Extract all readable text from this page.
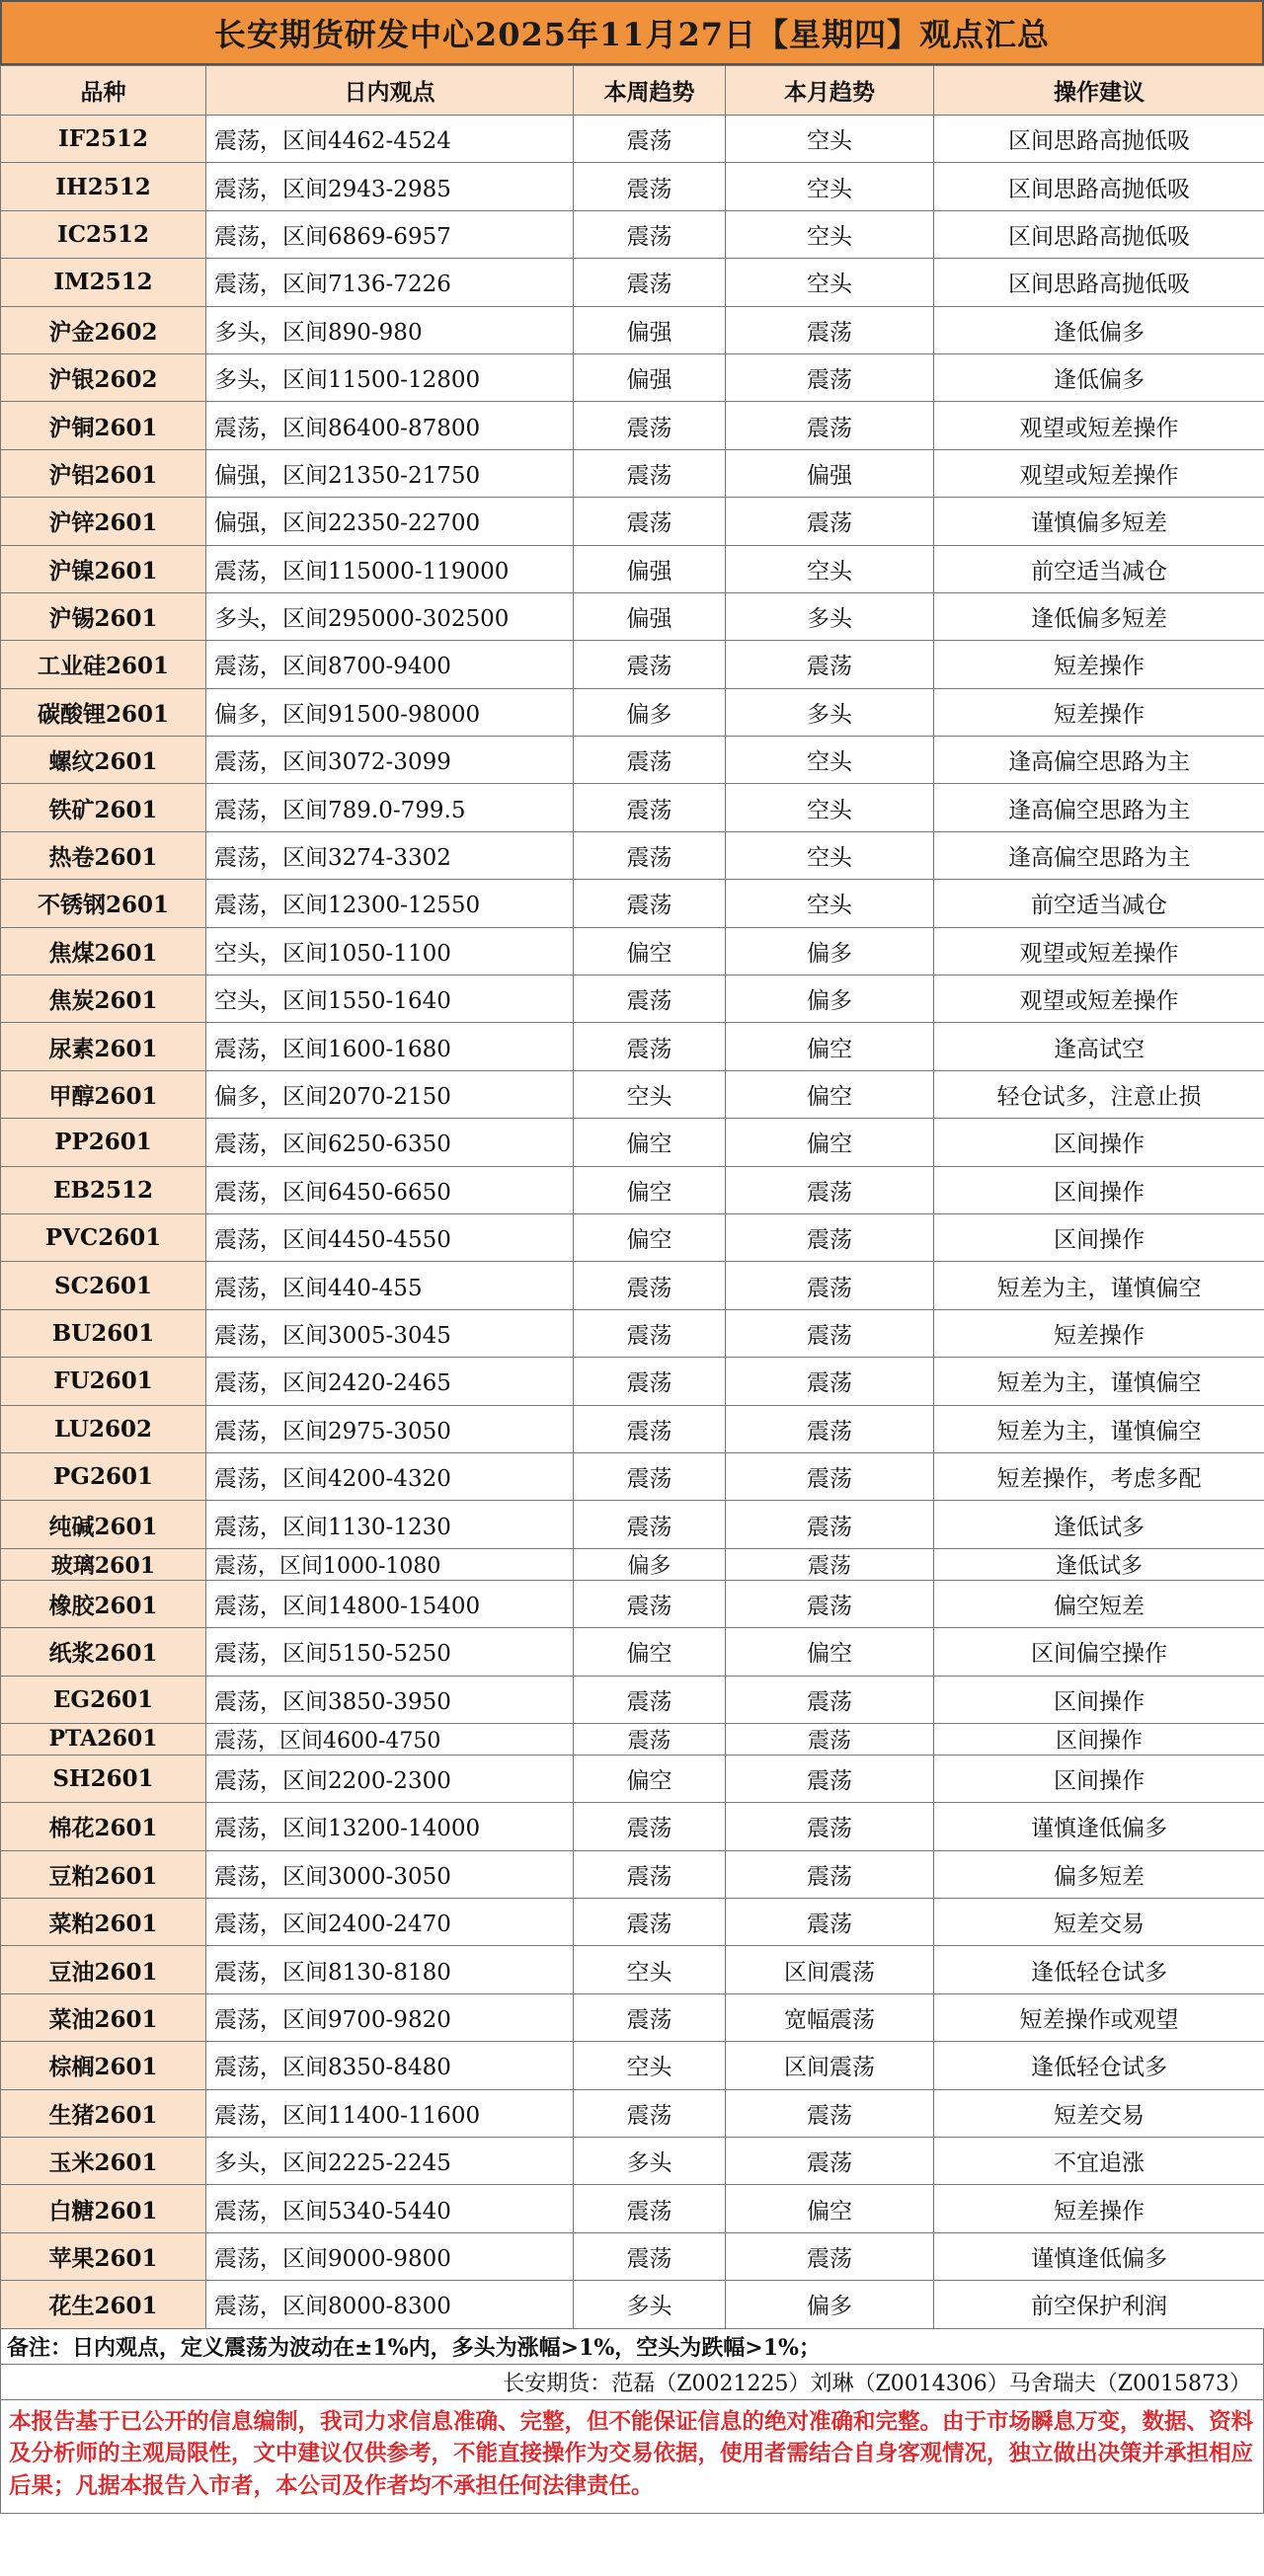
长安期货研发中心2025年11月27日【星期四】观点汇总
品种	日内观点	本周趋势	本月趋势	操作建议
IF2512	震荡，区间4462-4524	震荡	空头	区间思路高抛低吸
IH2512	震荡，区间2943-2985	震荡	空头	区间思路高抛低吸
IC2512	震荡，区间6869-6957	震荡	空头	区间思路高抛低吸
IM2512	震荡，区间7136-7226	震荡	空头	区间思路高抛低吸
沪金2602	多头，区间890-980	偏强	震荡	逢低偏多
沪银2602	多头，区间11500-12800	偏强	震荡	逢低偏多
沪铜2601	震荡，区间86400-87800	震荡	震荡	观望或短差操作
沪铝2601	偏强，区间21350-21750	震荡	偏强	观望或短差操作
沪锌2601	偏强，区间22350-22700	震荡	震荡	谨慎偏多短差
沪镍2601	震荡，区间115000-119000	偏强	空头	前空适当减仓
沪锡2601	多头，区间295000-302500	偏强	多头	逢低偏多短差
工业硅2601	震荡，区间8700-9400	震荡	震荡	短差操作
碳酸锂2601	偏多，区间91500-98000	偏多	多头	短差操作
螺纹2601	震荡，区间3072-3099	震荡	空头	逢高偏空思路为主
铁矿2601	震荡，区间789.0-799.5	震荡	空头	逢高偏空思路为主
热卷2601	震荡，区间3274-3302	震荡	空头	逢高偏空思路为主
不锈钢2601	震荡，区间12300-12550	震荡	空头	前空适当减仓
焦煤2601	空头，区间1050-1100	偏空	偏多	观望或短差操作
焦炭2601	空头，区间1550-1640	震荡	偏多	观望或短差操作
尿素2601	震荡，区间1600-1680	震荡	偏空	逢高试空
甲醇2601	偏多，区间2070-2150	空头	偏空	轻仓试多，注意止损
PP2601	震荡，区间6250-6350	偏空	偏空	区间操作
EB2512	震荡，区间6450-6650	偏空	震荡	区间操作
PVC2601	震荡，区间4450-4550	偏空	震荡	区间操作
SC2601	震荡，区间440-455	震荡	震荡	短差为主，谨慎偏空
BU2601	震荡，区间3005-3045	震荡	震荡	短差操作
FU2601	震荡，区间2420-2465	震荡	震荡	短差为主，谨慎偏空
LU2602	震荡，区间2975-3050	震荡	震荡	短差为主，谨慎偏空
PG2601	震荡，区间4200-4320	震荡	震荡	短差操作，考虑多配
纯碱2601	震荡，区间1130-1230	震荡	震荡	逢低试多
玻璃2601	震荡，区间1000-1080	偏多	震荡	逢低试多
橡胶2601	震荡，区间14800-15400	震荡	震荡	偏空短差
纸浆2601	震荡，区间5150-5250	偏空	偏空	区间偏空操作
EG2601	震荡，区间3850-3950	震荡	震荡	区间操作
PTA2601	震荡，区间4600-4750	震荡	震荡	区间操作
SH2601	震荡，区间2200-2300	偏空	震荡	区间操作
棉花2601	震荡，区间13200-14000	震荡	震荡	谨慎逢低偏多
豆粕2601	震荡，区间3000-3050	震荡	震荡	偏多短差
菜粕2601	震荡，区间2400-2470	震荡	震荡	短差交易
豆油2601	震荡，区间8130-8180	空头	区间震荡	逢低轻仓试多
菜油2601	震荡，区间9700-9820	震荡	宽幅震荡	短差操作或观望
棕榈2601	震荡，区间8350-8480	空头	区间震荡	逢低轻仓试多
生猪2601	震荡，区间11400-11600	震荡	震荡	短差交易
玉米2601	多头，区间2225-2245	多头	震荡	不宜追涨
白糖2601	震荡，区间5340-5440	震荡	偏空	短差操作
苹果2601	震荡，区间9000-9800	震荡	震荡	谨慎逢低偏多
花生2601	震荡，区间8000-8300	多头	偏多	前空保护利润
备注：日内观点，定义震荡为波动在±1%内，多头为涨幅>1%，空头为跌幅>1%；
长安期货：范磊（Z0021225）刘琳（Z0014306）马舍瑞夫（Z0015873）
本报告基于已公开的信息编制，我司力求信息准确、完整，但不能保证信息的绝对准确和完整。由于市场瞬息万变，数据、资料及分析师的主观局限性，文中建议仅供参考，不能直接操作为交易依据，使用者需结合自身客观情况，独立做出决策并承担相应后果；凡据本报告入市者，本公司及作者均不承担任何法律责任。
